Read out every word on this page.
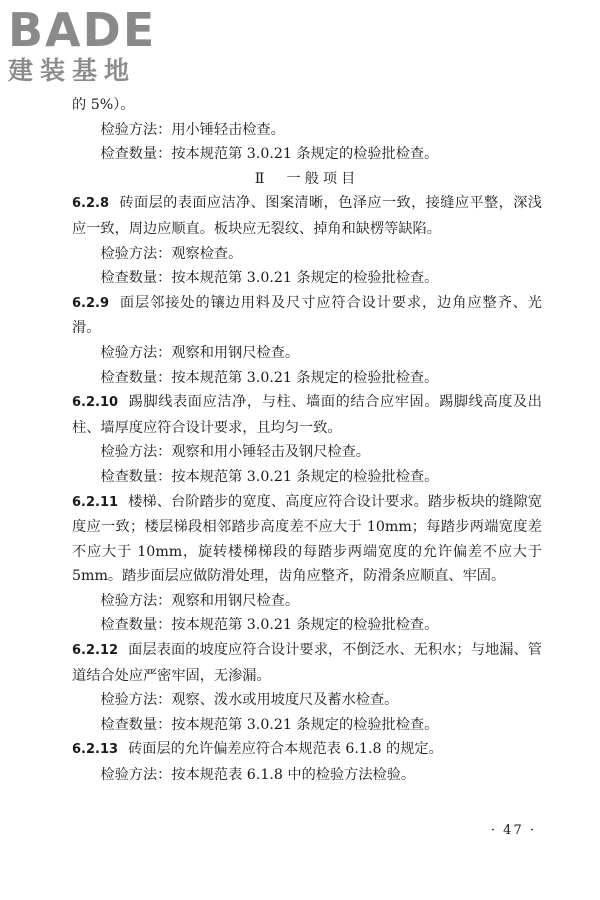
BADE
建装基地

的 5%）。

检验方法：用小锤轻击检查。

检查数量：按本规范第 3.0.21 条规定的检验批检查。

Ⅱ　一般项目

6.2.8 砖面层的表面应洁净、图案清晰，色泽应一致，接缝应平整，深浅应一致，周边应顺直。板块应无裂纹、掉角和缺楞等缺陷。

检验方法：观察检查。

检查数量：按本规范第 3.0.21 条规定的检验批检查。

6.2.9 面层邻接处的镶边用料及尺寸应符合设计要求，边角应整齐、光滑。

检验方法：观察和用钢尺检查。

检查数量：按本规范第 3.0.21 条规定的检验批检查。

6.2.10 踢脚线表面应洁净，与柱、墙面的结合应牢固。踢脚线高度及出柱、墙厚度应符合设计要求，且均匀一致。

检验方法：观察和用小锤轻击及钢尺检查。

检查数量：按本规范第 3.0.21 条规定的检验批检查。

6.2.11 楼梯、台阶踏步的宽度、高度应符合设计要求。踏步板块的缝隙宽度应一致；楼层梯段相邻踏步高度差不应大于 10mm；每踏步两端宽度差不应大于 10mm，旋转楼梯梯段的每踏步两端宽度的允许偏差不应大于 5mm。踏步面层应做防滑处理，齿角应整齐，防滑条应顺直、牢固。

检验方法：观察和用钢尺检查。

检查数量：按本规范第 3.0.21 条规定的检验批检查。

6.2.12 面层表面的坡度应符合设计要求，不倒泛水、无积水；与地漏、管道结合处应严密牢固，无渗漏。

检验方法：观察、泼水或用坡度尺及蓄水检查。

检查数量：按本规范第 3.0.21 条规定的检验批检查。

6.2.13 砖面层的允许偏差应符合本规范表 6.1.8 的规定。

检验方法：按本规范表 6.1.8 中的检验方法检验。

· 47 ·
